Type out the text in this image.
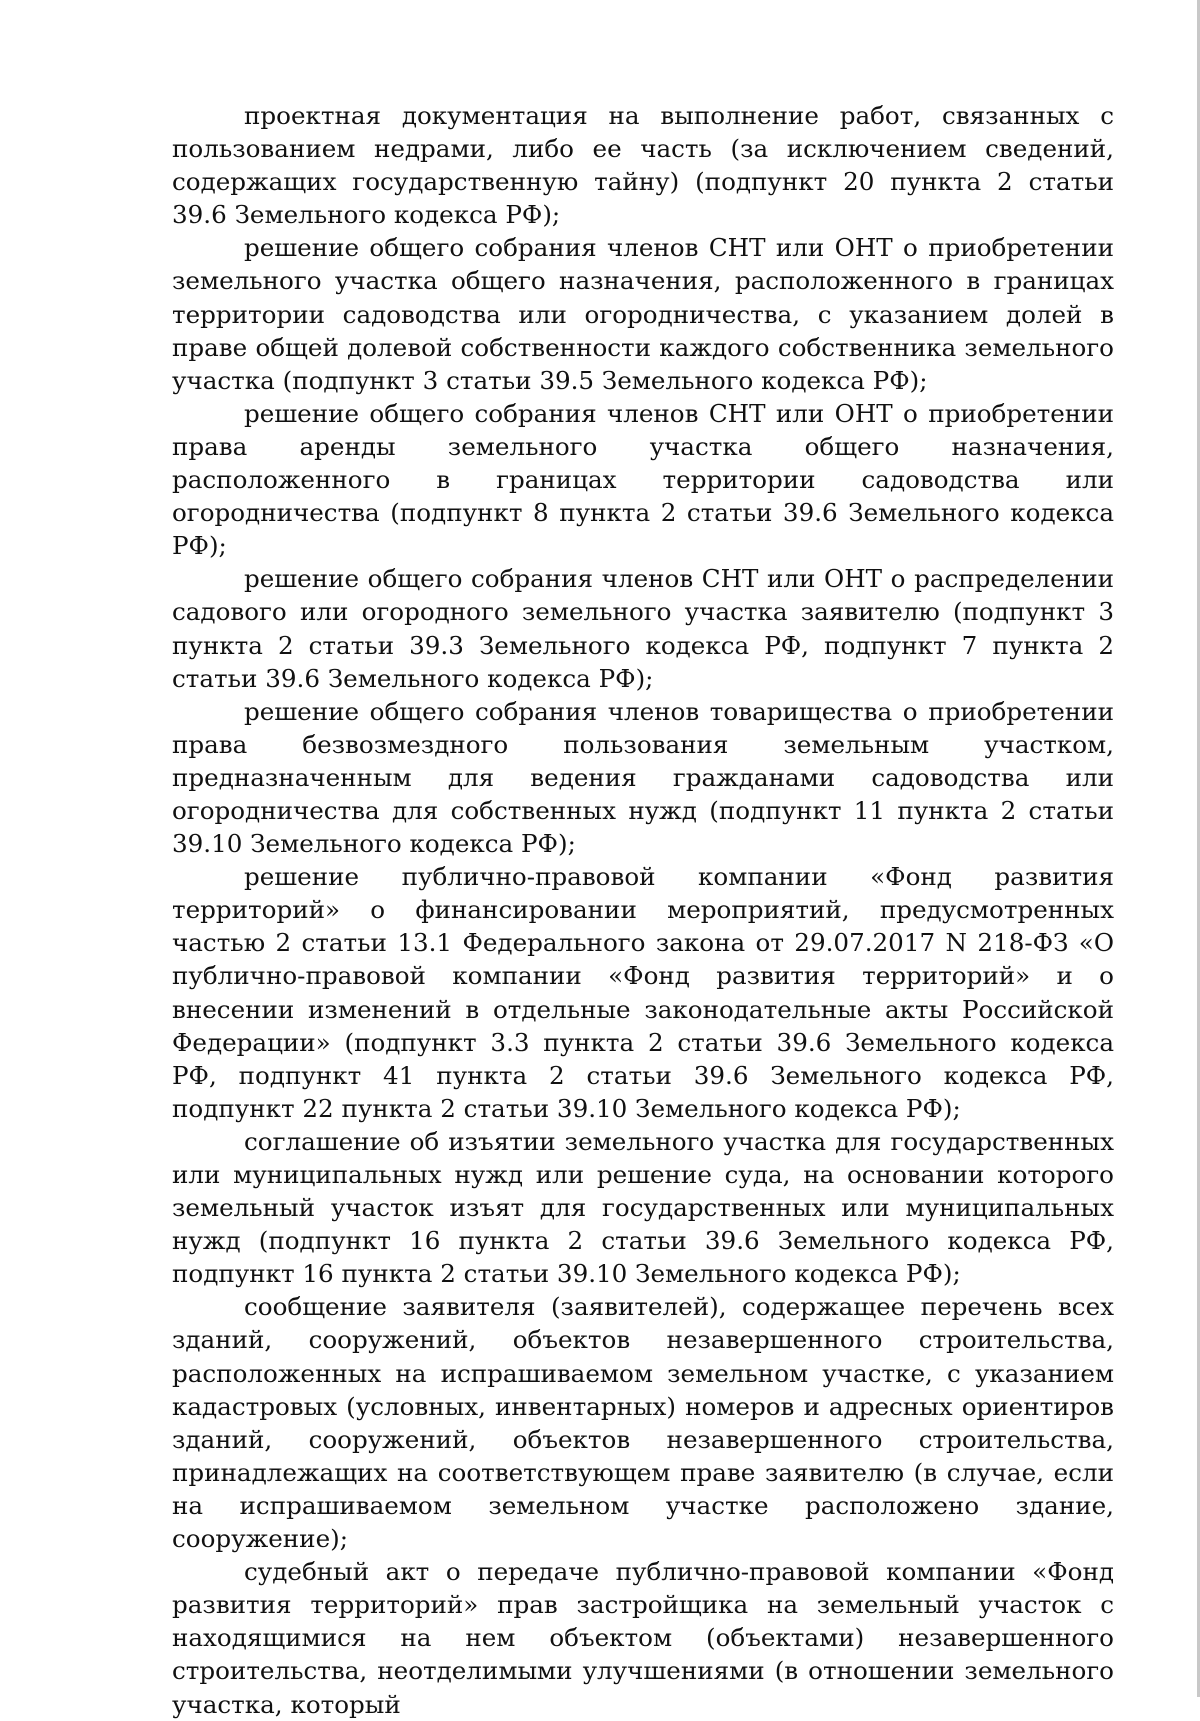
проектная документация на выполнение работ, связанных с пользованием недрами, либо ее часть (за исключением сведений, содержащих государственную тайну) (подпункт 20 пункта 2 статьи 39.6 Земельного кодекса РФ);

решение общего собрания членов СНТ или ОНТ о приобретении земельного участка общего назначения, расположенного в границах территории садоводства или огородничества, с указанием долей в праве общей долевой собственности каждого собственника земельного участка (подпункт 3 статьи 39.5 Земельного кодекса РФ);

решение общего собрания членов СНТ или ОНТ о приобретении права аренды земельного участка общего назначения, расположенного в границах территории садоводства или огородничества (подпункт 8 пункта 2 статьи 39.6 Земельного кодекса РФ);

решение общего собрания членов СНТ или ОНТ о распределении садового или огородного земельного участка заявителю (подпункт 3 пункта 2 статьи 39.3 Земельного кодекса РФ, подпункт 7 пункта 2 статьи 39.6 Земельного кодекса РФ);

решение общего собрания членов товарищества о приобретении права безвозмездного пользования земельным участком, предназначенным для ведения гражданами садоводства или огородничества для собственных нужд (подпункт 11 пункта 2 статьи 39.10 Земельного кодекса РФ);

решение публично-правовой компании «Фонд развития территорий» о финансировании мероприятий, предусмотренных частью 2 статьи 13.1 Федерального закона от 29.07.2017 N 218-ФЗ «О публично-правовой компании «Фонд развития территорий» и о внесении изменений в отдельные законодательные акты Российской Федерации» (подпункт 3.3 пункта 2 статьи 39.6 Земельного кодекса РФ, подпункт 41 пункта 2 статьи 39.6 Земельного кодекса РФ, подпункт 22 пункта 2 статьи 39.10 Земельного кодекса РФ);

соглашение об изъятии земельного участка для государственных или муниципальных нужд или решение суда, на основании которого земельный участок изъят для государственных или муниципальных нужд (подпункт 16 пункта 2 статьи 39.6 Земельного кодекса РФ, подпункт 16 пункта 2 статьи 39.10 Земельного кодекса РФ);

сообщение заявителя (заявителей), содержащее перечень всех зданий, сооружений, объектов незавершенного строительства, расположенных на испрашиваемом земельном участке, с указанием кадастровых (условных, инвентарных) номеров и адресных ориентиров зданий, сооружений, объектов незавершенного строительства, принадлежащих на соответствующем праве заявителю (в случае, если на испрашиваемом земельном участке расположено здание, сооружение);

судебный акт о передаче публично-правовой компании «Фонд развития территорий» прав застройщика на земельный участок с находящимися на нем объектом (объектами) незавершенного строительства, неотделимыми улучшениями (в отношении земельного участка, который
